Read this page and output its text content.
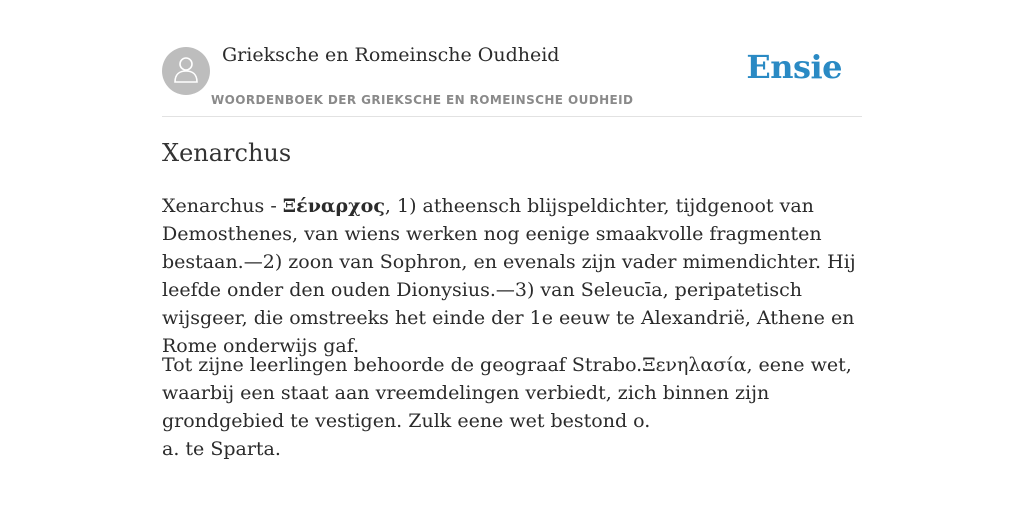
Grieksche en Romeinsche Oudheid
WOORDENBOEK DER GRIEKSCHE EN ROMEINSCHE OUDHEID
Ensie
Xenarchus

Xenarchus - Ξέναρχος, 1) atheensch blijspeldichter, tijdgenoot van Demosthenes, van wiens werken nog eenige smaakvolle fragmenten bestaan.—2) zoon van Sophron, en evenals zijn vader mimendichter. Hij leefde onder den ouden Dionysius.—3) van Seleucīa, peripatetisch wijsgeer, die omstreeks het einde der 1e eeuw te Alexandrië, Athene en Rome onderwijs gaf.

Tot zijne leerlingen behoorde de geograaf Strabo.Ξενηλασία, eene wet, waarbij een staat aan vreemdelingen verbiedt, zich binnen zijn grondgebied te vestigen. Zulk eene wet bestond o.
a. te Sparta.
